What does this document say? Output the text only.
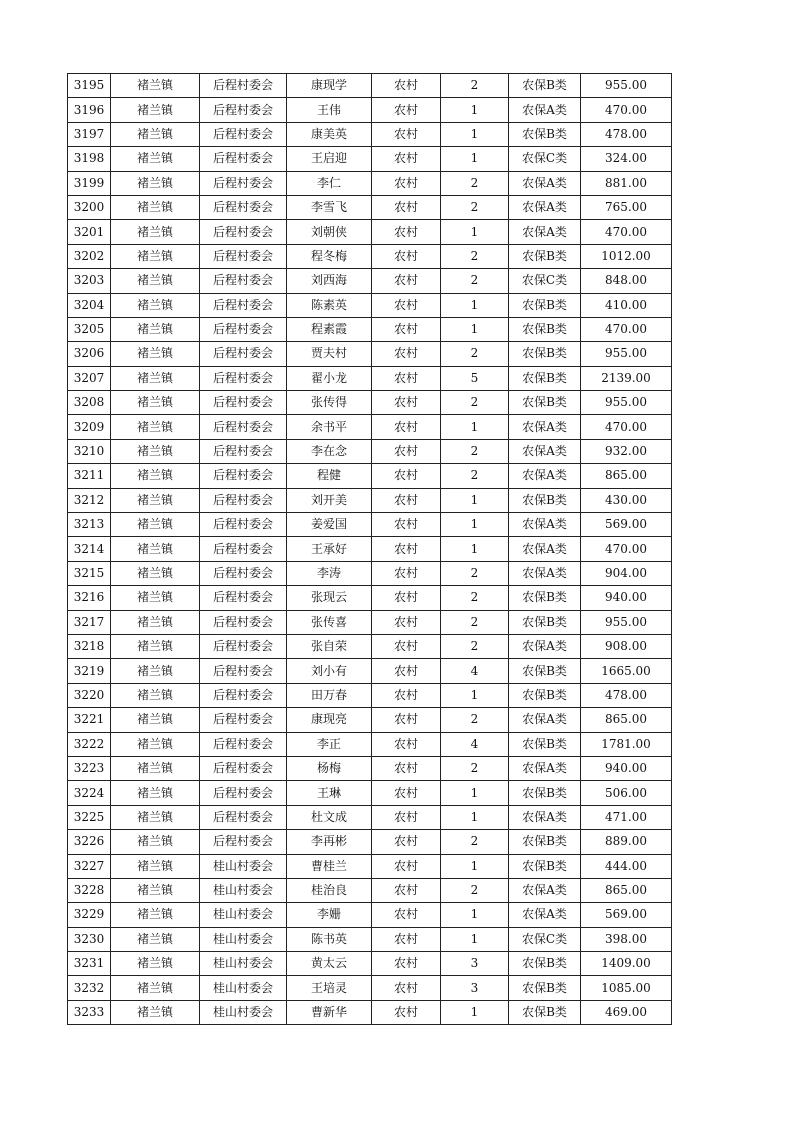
3195	褚兰镇	后程村委会	康现学	农村	2	农保B类	955.00
3196	褚兰镇	后程村委会	王伟	农村	1	农保A类	470.00
3197	褚兰镇	后程村委会	康美英	农村	1	农保B类	478.00
3198	褚兰镇	后程村委会	王启迎	农村	1	农保C类	324.00
3199	褚兰镇	后程村委会	李仁	农村	2	农保A类	881.00
3200	褚兰镇	后程村委会	李雪飞	农村	2	农保A类	765.00
3201	褚兰镇	后程村委会	刘朝侠	农村	1	农保A类	470.00
3202	褚兰镇	后程村委会	程冬梅	农村	2	农保B类	1012.00
3203	褚兰镇	后程村委会	刘西海	农村	2	农保C类	848.00
3204	褚兰镇	后程村委会	陈素英	农村	1	农保B类	410.00
3205	褚兰镇	后程村委会	程素霞	农村	1	农保B类	470.00
3206	褚兰镇	后程村委会	贾夫村	农村	2	农保B类	955.00
3207	褚兰镇	后程村委会	翟小龙	农村	5	农保B类	2139.00
3208	褚兰镇	后程村委会	张传得	农村	2	农保B类	955.00
3209	褚兰镇	后程村委会	余书平	农村	1	农保A类	470.00
3210	褚兰镇	后程村委会	李在念	农村	2	农保A类	932.00
3211	褚兰镇	后程村委会	程健	农村	2	农保A类	865.00
3212	褚兰镇	后程村委会	刘开美	农村	1	农保B类	430.00
3213	褚兰镇	后程村委会	姜爱国	农村	1	农保A类	569.00
3214	褚兰镇	后程村委会	王承好	农村	1	农保A类	470.00
3215	褚兰镇	后程村委会	李涛	农村	2	农保A类	904.00
3216	褚兰镇	后程村委会	张现云	农村	2	农保B类	940.00
3217	褚兰镇	后程村委会	张传喜	农村	2	农保B类	955.00
3218	褚兰镇	后程村委会	张自荣	农村	2	农保A类	908.00
3219	褚兰镇	后程村委会	刘小有	农村	4	农保B类	1665.00
3220	褚兰镇	后程村委会	田万春	农村	1	农保B类	478.00
3221	褚兰镇	后程村委会	康现亮	农村	2	农保A类	865.00
3222	褚兰镇	后程村委会	李正	农村	4	农保B类	1781.00
3223	褚兰镇	后程村委会	杨梅	农村	2	农保A类	940.00
3224	褚兰镇	后程村委会	王琳	农村	1	农保B类	506.00
3225	褚兰镇	后程村委会	杜文成	农村	1	农保A类	471.00
3226	褚兰镇	后程村委会	李再彬	农村	2	农保B类	889.00
3227	褚兰镇	桂山村委会	曹桂兰	农村	1	农保B类	444.00
3228	褚兰镇	桂山村委会	桂治良	农村	2	农保A类	865.00
3229	褚兰镇	桂山村委会	李姗	农村	1	农保A类	569.00
3230	褚兰镇	桂山村委会	陈书英	农村	1	农保C类	398.00
3231	褚兰镇	桂山村委会	黄太云	农村	3	农保B类	1409.00
3232	褚兰镇	桂山村委会	王培灵	农村	3	农保B类	1085.00
3233	褚兰镇	桂山村委会	曹新华	农村	1	农保B类	469.00
